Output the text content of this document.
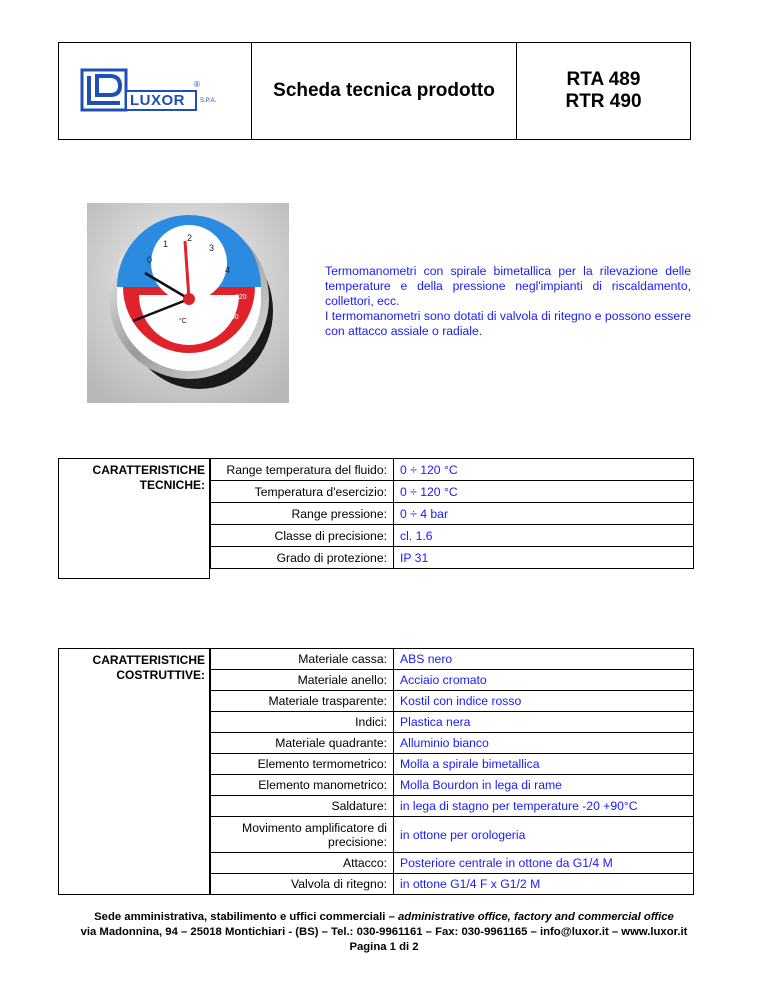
LUXOR
®
S.P.A.	Scheda tecnica prodotto
RTA 489
RTR 490
1
2
3
4
0
120
100
80
60
40
°C

Termomanometri con spirale bimetallica per la rilevazione delle temperature e della pressione negl'impianti di riscaldamento, collettori, ecc.

I termomanometri sono dotati di valvola di ritegno e possono essere con attacco assiale o radiale.

CARATTERISTICHE TECNICHE:
Range temperatura del fluido:	0 ÷ 120 °C
Temperatura d'esercizio:	0 ÷ 120 °C
Range pressione:	0 ÷ 4 bar
Classe di precisione:	cl. 1.6
Grado di protezione:	IP 31
CARATTERISTICHE COSTRUTTIVE:
Materiale cassa:	ABS nero
Materiale anello:	Acciaio cromato
Materiale trasparente:	Kostil con indice rosso
Indici:	Plastica nera
Materiale quadrante:	Alluminio bianco
Elemento termometrico:	Molla a spirale bimetallica
Elemento manometrico:	Molla Bourdon in lega di rame
Saldature:	in lega di stagno per temperature -20 +90°C

Movimento amplificatore di precisione:	in ottone per orologeria
Attacco:	Posteriore centrale in ottone da G1/4 M
Valvola di ritegno:	in ottone G1/4 F x G1/2 M
Sede amministrativa, stabilimento e uffici commerciali – administrative office, factory and commercial office
via Madonnina, 94 – 25018 Montichiari - (BS) – Tel.: 030-9961161 – Fax: 030-9961165 – info@luxor.it – www.luxor.it
Pagina 1 di 2
